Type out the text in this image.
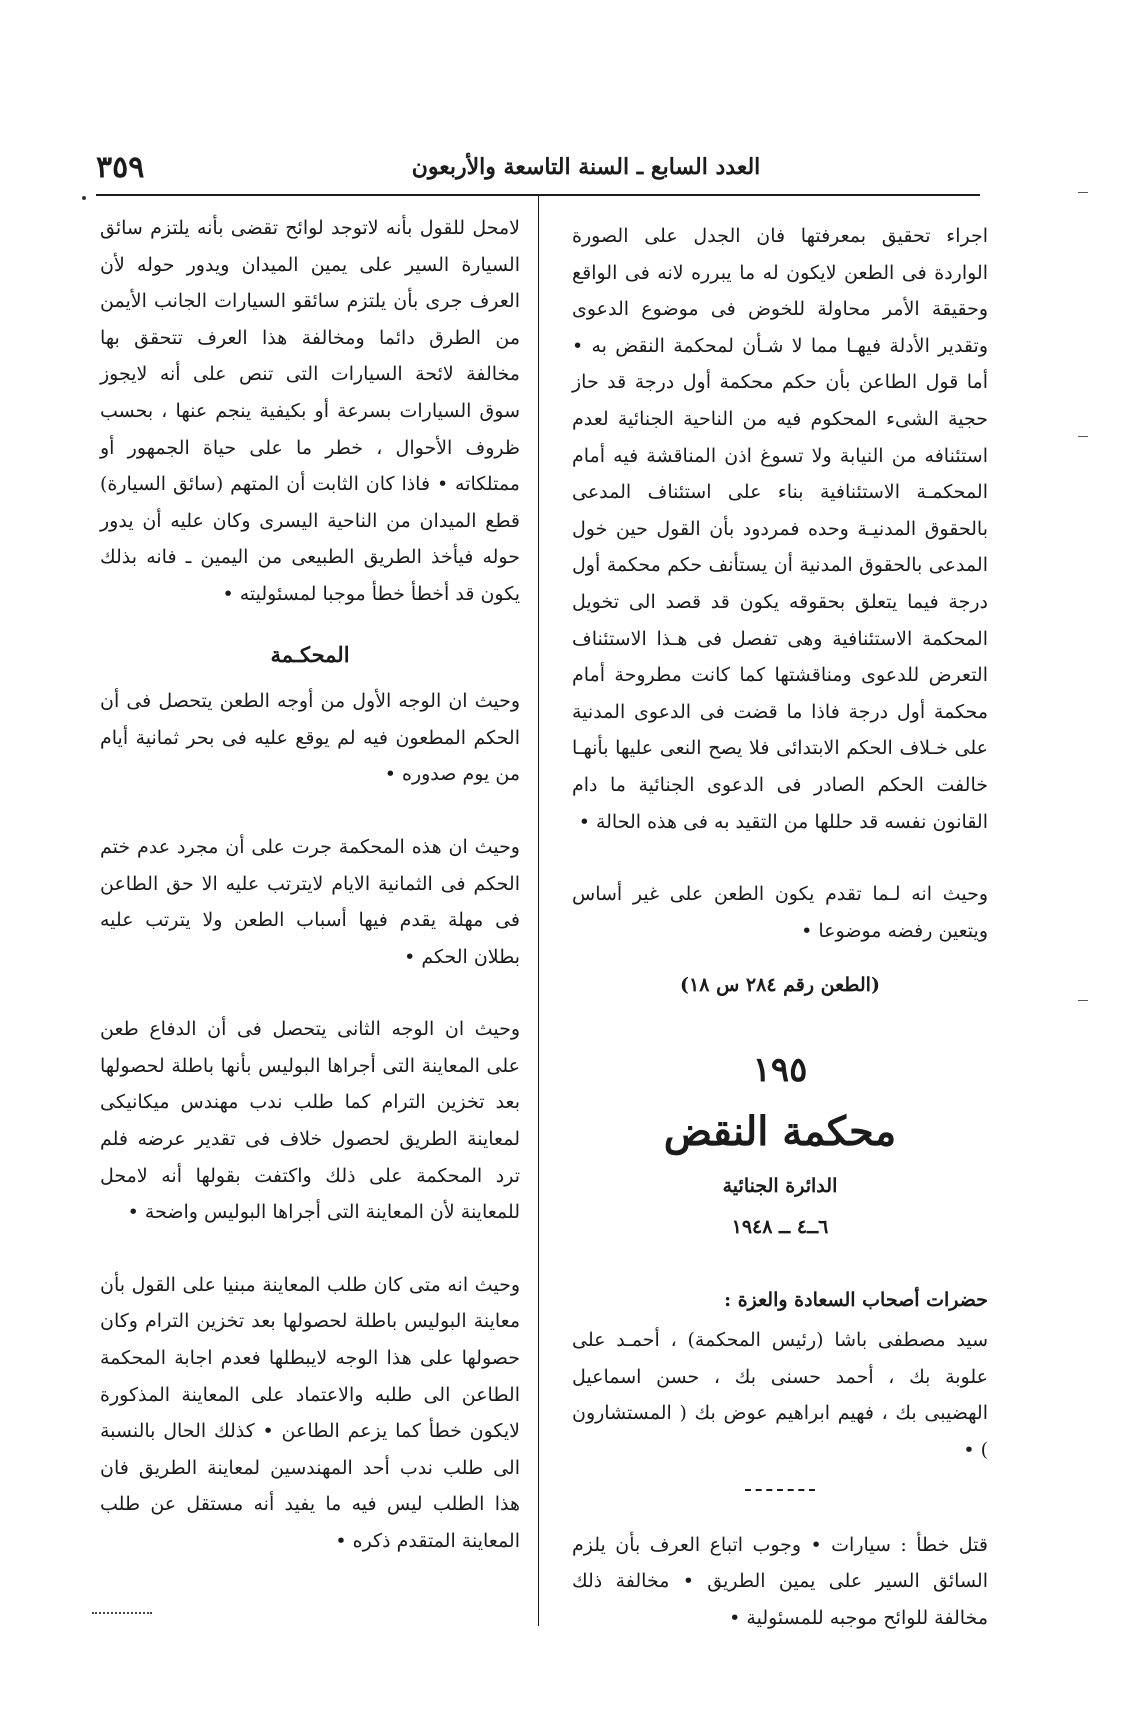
٣٥٩	العدد السابع ـ السنة التاسعة والأربعون

اجراء تحقيق بمعرفتها فان الجدل على الصورة الواردة فى الطعن لايكون له ما يبرره لانه فى الواقع وحقيقة الأمر محاولة للخوض فى موضوع الدعوى وتقدير الأدلة فيهـا مما لا شـأن لمحكمة النقض به • أما قول الطاعن بأن حكم محكمة أول درجة قد حاز حجية الشىء المحكوم فيه من الناحية الجنائية لعدم استئنافه من النيابة ولا تسوغ اذن المناقشة فيه أمام المحكمـة الاستئنافية بناء على استئناف المدعى بالحقوق المدنيـة وحده فمردود بأن القول حين خول المدعى بالحقوق المدنية أن يستأنف حكم محكمة أول درجة فيما يتعلق بحقوقه يكون قد قصد الى تخويل المحكمة الاستئنافية وهى تفصل فى هـذا الاستئناف التعرض للدعوى ومناقشتها كما كانت مطروحة أمام محكمة أول درجة فاذا ما قضت فى الدعوى المدنية على خـلاف الحكم الابتدائى فلا يصح النعى عليها بأنهـا خالفت الحكم الصادر فى الدعوى الجنائية ما دام القانون نفسه قد حللها من التقيد به فى هذه الحالة •

وحيث انه لـما تقدم يكون الطعن على غير أساس ويتعين رفضه موضوعا •

(الطعن رقم ٢٨٤ س ١٨)

١٩٥

محكمة النقض

الدائرة الجنائية

٦ــ٤ ــ ١٩٤٨

حضرات أصحاب السعادة والعزة :

سيد مصطفى باشا (رئيس المحكمة) ، أحمـد على علوبة بك ، أحمد حسنى بك ، حسن اسماعيل الهضيبى بك ، فهيم ابراهيم عوض بك ( المستشارون ) •

قتل خطأ : سيارات • وجوب اتباع العرف بأن يلزم السائق السير على يمين الطريق • مخالفة ذلك مخالفة للوائح موجبه للمسئولية •

لامحل للقول بأنه لاتوجد لوائح تقضى بأنه يلتزم سائق السيارة السير على يمين الميدان ويدور حوله لأن العرف جرى بأن يلتزم سائقو السيارات الجانب الأيمن من الطرق دائما ومخالفة هذا العرف تتحقق بها مخالفة لائحة السيارات التى تنص على أنه لايجوز سوق السيارات بسرعة أو بكيفية ينجم عنها ، بحسب ظروف الأحوال ، خطر ما على حياة الجمهور أو ممتلكاته • فاذا كان الثابت أن المتهم (سائق السيارة) قطع الميدان من الناحية اليسرى وكان عليه أن يدور حوله فيأخذ الطريق الطبيعى من اليمين ـ فانه بذلك يكون قد أخطأ خطأ موجبا لمسئوليته •

المحكـمة

وحيث ان الوجه الأول من أوجه الطعن يتحصل فى أن الحكم المطعون فيه لم يوقع عليه فى بحر ثمانية أيام من يوم صدوره •

وحيث ان هذه المحكمة جرت على أن مجرد عدم ختم الحكم فى الثمانية الايام لايترتب عليه الا حق الطاعن فى مهلة يقدم فيها أسباب الطعن ولا يترتب عليه بطلان الحكم •

وحيث ان الوجه الثانى يتحصل فى أن الدفاع طعن على المعاينة التى أجراها البوليس بأنها باطلة لحصولها بعد تخزين الترام كما طلب ندب مهندس ميكانيكى لمعاينة الطريق لحصول خلاف فى تقدير عرضه فلم ترد المحكمة على ذلك واكتفت بقولها أنه لامحل للمعاينة لأن المعاينة التى أجراها البوليس واضحة •

وحيث انه متى كان طلب المعاينة مبنيا على القول بأن معاينة البوليس باطلة لحصولها بعد تخزين الترام وكان حصولها على هذا الوجه لايبطلها فعدم اجابة المحكمة الطاعن الى طلبه والاعتماد على المعاينة المذكورة لايكون خطأ كما يزعم الطاعن • كذلك الحال بالنسبة الى طلب ندب أحد المهندسين لمعاينة الطريق فان هذا الطلب ليس فيه ما يفيد أنه مستقل عن طلب المعاينة المتقدم ذكره •
